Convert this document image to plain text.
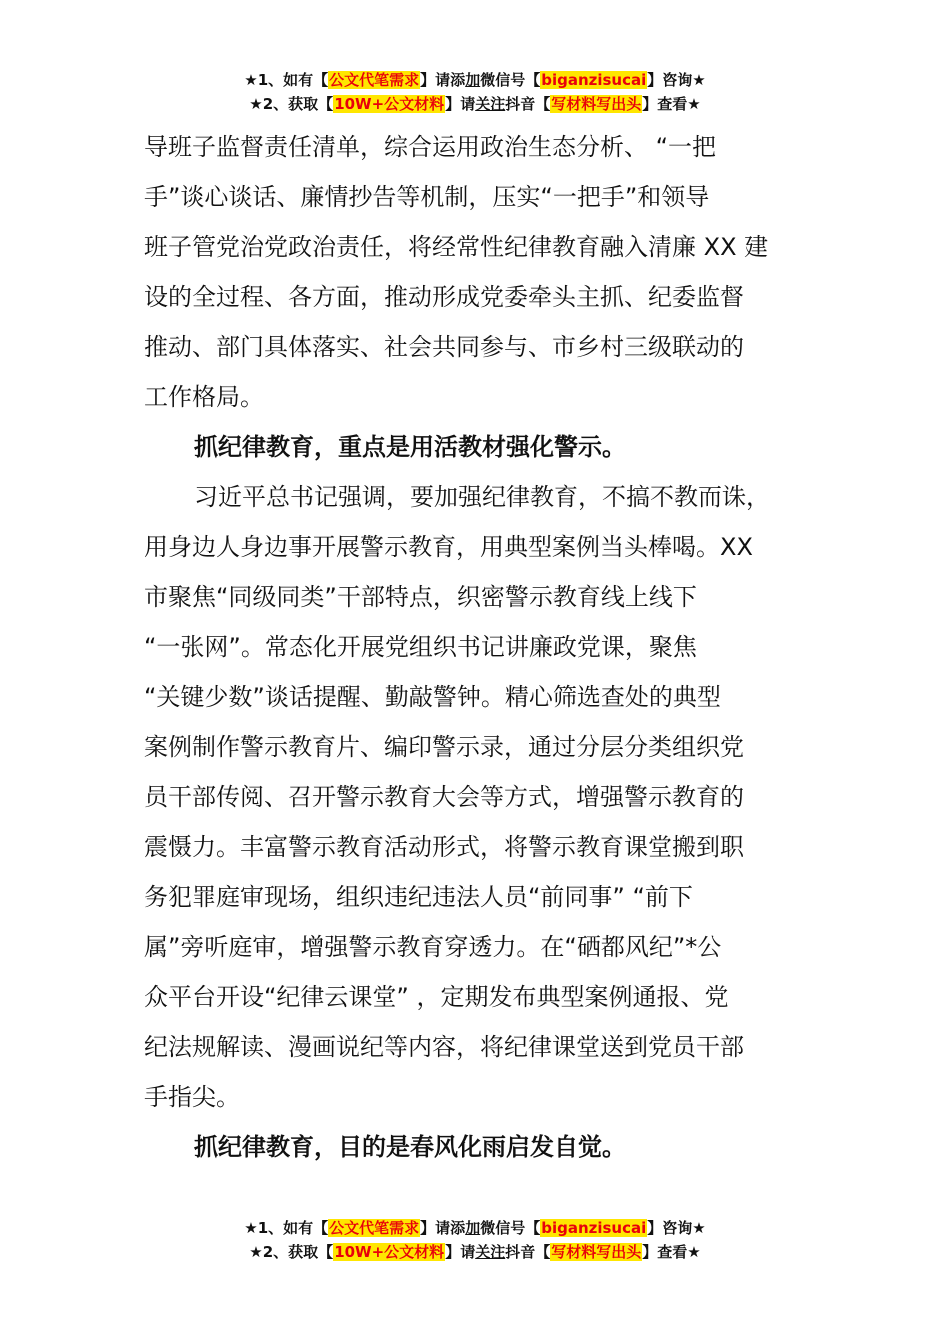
★1、如有【公文代笔需求】请添加微信号【biganzisucai】咨询★
★2、获取【10W+公文材料】请关注抖音【写材料写出头】查看★
导班子监督责任清单，综合运用政治生态分析、 “一把
手”谈心谈话、廉情抄告等机制，压实“一把手”和领导
班子管党治党政治责任，将经常性纪律教育融入清廉 XX 建
设的全过程、各方面，推动形成党委牵头主抓、纪委监督
推动、部门具体落实、社会共同参与、市乡村三级联动的
工作格局。
抓纪律教育，重点是用活教材强化警示。
习近平总书记强调，要加强纪律教育，不搞不教而诛，
用身边人身边事开展警示教育，用典型案例当头棒喝。XX
市聚焦“同级同类”干部特点，织密警示教育线上线下
“一张网”。常态化开展党组织书记讲廉政党课，聚焦
“关键少数”谈话提醒、勤敲警钟。精心筛选查处的典型
案例制作警示教育片、编印警示录，通过分层分类组织党
员干部传阅、召开警示教育大会等方式，增强警示教育的
震慑力。丰富警示教育活动形式，将警示教育课堂搬到职
务犯罪庭审现场，组织违纪违法人员“前同事” “前下
属”旁听庭审，增强警示教育穿透力。在“硒都风纪”*公
众平台开设“纪律云课堂” ，定期发布典型案例通报、党
纪法规解读、漫画说纪等内容，将纪律课堂送到党员干部
手指尖。
抓纪律教育，目的是春风化雨启发自觉。
★1、如有【公文代笔需求】请添加微信号【biganzisucai】咨询★
★2、获取【10W+公文材料】请关注抖音【写材料写出头】查看★
